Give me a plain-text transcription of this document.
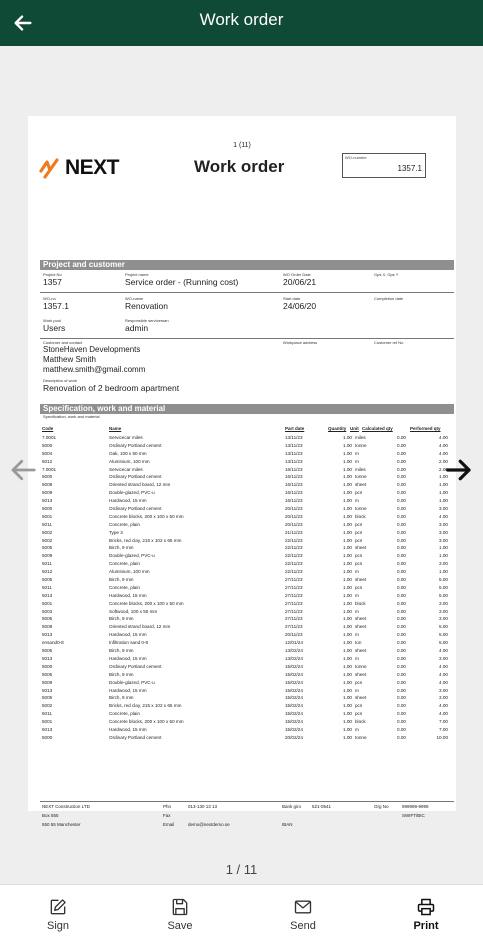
Work order
1 (11)
NEXT	Work order	WO-number
1357.1
Project and customer
Project No
1357
Project name
Service order - (Running cost)
WO Order Date
20/06/21
Gps X, Gps Y
WO-no
1357.1
WO-name
Renovation
Start date
24/06/20
Completion date
Work pool
Users
Responsible serviceman
admin
Customer and contact
StoneHaven Developments
Matthew Smith
matthew.smith@gmail.comm
Workplace address	Customer ref No
Description of work
Renovation of 2 bedroom apartment
Specification, work and material
Specification, work and material
Code	Name	Part date	Quantity Unit Calculated qty	Performed qty
7.0001	Servicecar miles	13/11/23	1.00 miles	0.00	4.00
5000	Ordinary Portland cement	13/11/23	1.00 tonne	0.00	4.00
5004	Oak, 100 x 50 mm	13/11/23	1.00 m	0.00	4.00
5012	Aluminium, 100 mm	13/11/23	1.00 m	0.00	2.00
7.0001	Servicecar miles	16/11/23	1.00 miles	0.00	2.00
5000	Ordinary Portland cement	16/11/23	1.00 tonne	0.00	1.00
5008	Oriented strand board, 12 mm	16/11/23	1.00 sheet	0.00	1.00
5009	Double-glazed, PVC-u	16/11/23	1.00 pcs	0.00	1.00
5013	Hardwood, 15 mm	16/11/23	1.00 m	0.00	1.00
5000	Ordinary Portland cement	20/11/23	1.00 tonne	0.00	3.00
5001	Concrete blocks, 200 x 100 x 50 mm	20/11/23	1.00 block	0.00	4.00
5011	Concrete, plain	20/11/23	1.00 pcs	0.00	3.00
5002	Type 3	21/11/23	1.00 pcs	0.00	3.00
5002	Bricks, red clay, 215 x 102 x 65 mm	22/11/23	1.00 pcs	0.00	3.00
5005	Birch, 9 mm	22/11/23	1.00 sheet	0.00	1.00
5009	Double-glazed, PVC-u	22/11/23	1.00 pcs	0.00	1.00
5011	Concrete, plain	22/11/23	1.00 pcs	0.00	3.00
5012	Aluminium, 100 mm	22/11/23	1.00 m	0.00	1.00
5005	Birch, 9 mm	27/11/23	1.00 sheet	0.00	5.00
5011	Concrete, plain	27/11/23	1.00 pcs	0.00	5.00
5013	Hardwood, 15 mm	27/11/23	1.00 m	0.00	5.00
5001	Concrete blocks, 200 x 100 x 50 mm	27/11/23	1.00 block	0.00	3.00
5003	Softwood, 100 x 50 mm	27/11/23	1.00 m	0.00	3.00
5005	Birch, 9 mm	27/11/23	1.00 sheet	0.00	3.00
5008	Oriented strand board, 12 mm	27/11/23	1.00 sheet	0.00	5.00
5013	Hardwood, 15 mm	20/11/23	1.00 m	0.00	5.00
ensand0-8	Infiltration sand 0-8	12/01/24	1.00 ton	0.00	5.00
5005	Birch, 9 mm	13/02/24	1.00 sheet	0.00	4.00
5013	Hardwood, 15 mm	13/02/24	1.00 m	0.00	3.00
5000	Ordinary Portland cement	15/02/24	1.00 tonne	0.00	4.00
5005	Birch, 9 mm	15/02/24	1.00 sheet	0.00	4.00
5009	Double-glazed, PVC-u	15/02/24	1.00 pcs	0.00	4.00
5013	Hardwood, 15 mm	15/02/24	1.00 m	0.00	3.00
5005	Birch, 9 mm	15/02/24	1.00 sheet	0.00	3.00
5002	Bricks, red clay, 215 x 102 x 65 mm	15/02/24	1.00 pcs	0.00	4.00
5011	Concrete, plain	15/02/24	1.00 pcs	0.00	4.00
5001	Concrete blocks, 200 x 100 x 50 mm	15/02/24	1.00 block	0.00	7.00
5013	Hardwood, 15 mm	15/02/24	1.00 m	0.00	7.00
5000	Ordinary Portland cement	20/02/24	1.00 tonne	0.00	10.00
NEXT Construction LTD
Box 555
550 55 Manchester
Phn	013-130 13 13
Fax
Email	demo@nextdemo.se
Bank giro 521-0541
IBAN
Org No	999999-9999
SWIFT/BIC
1 / 11
Sign	Save	Send	Print
